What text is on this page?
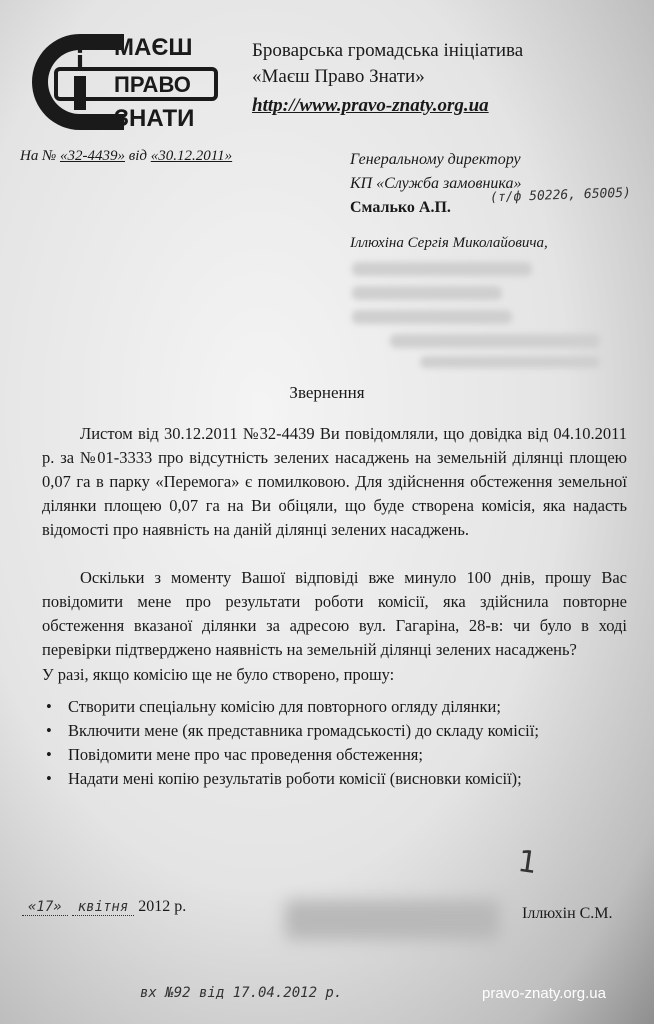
i МАЄШ
ПРАВО
ЗНАТИ
Броварська громадська ініціатива
«Маєш Право Знати»
http://www.pravo-znaty.org.ua
На № «32-4439» від «30.12.2011»	Генеральному директору
КП «Служба замовника»
Смалько А.П.
(т/ф 50226, 65005)
Іллюхіна Сергія Миколайовича,
Звернення
Листом від 30.12.2011 №32-4439 Ви повідомляли, що довідка від 04.10.2011 р. за №01-3333 про відсутність зелених насаджень на земельній ділянці площею 0,07 га в парку «Перемога» є помилковою. Для здійснення обстеження земельної ділянки площею 0,07 га на Ви обіцяли, що буде створена комісія, яка надасть відомості про наявність на даній ділянці зелених насаджень.
Оскільки з моменту Вашої відповіді вже минуло 100 днів, прошу Вас повідомити мене про результати роботи комісії, яка здійснила повторне обстеження вказаної ділянки за адресою вул. Гагаріна, 28-в: чи було в ході перевірки підтверджено наявність на земельній ділянці зелених насаджень?
У разі, якщо комісію ще не було створено, прошу:
• Створити спеціальну комісію для повторного огляду ділянки;
• Включити мене (як представника громадськості) до складу комісії;
• Повідомити мене про час проведення обстеження;
• Надати мені копію результатів роботи комісії (висновки комісії);
«17» квітня 2012 р.
1
Іллюхін С.М.
вх №92 від 17.04.2012 р.	pravo-znaty.org.ua
